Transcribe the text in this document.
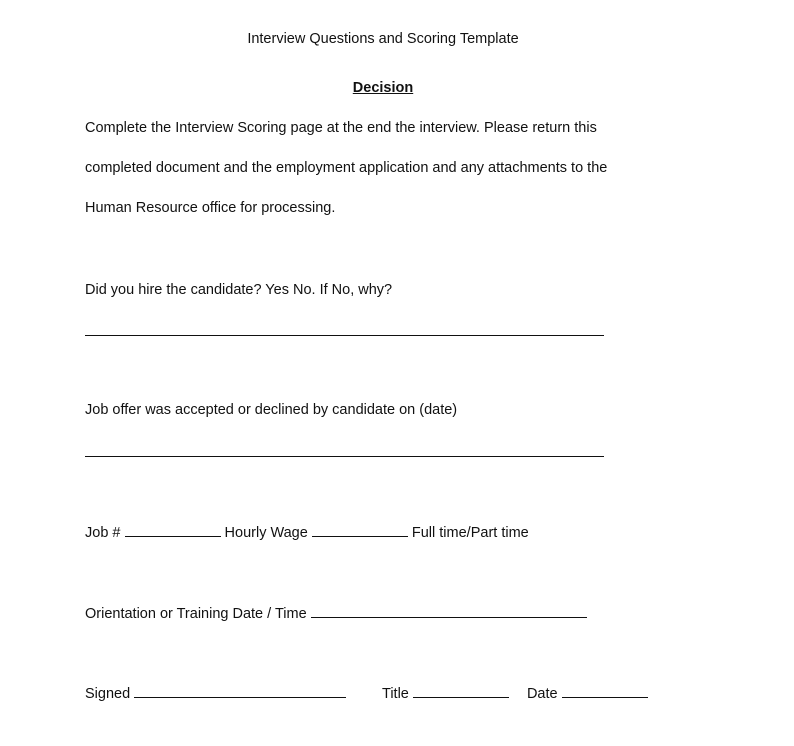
Interview Questions and Scoring Template
Decision
Complete the Interview Scoring page at the end the interview. Please return this
completed document and the employment application and any attachments to the
Human Resource office for processing.
Did you hire the candidate? Yes No. If No, why?
Job offer was accepted or declined by candidate on (date)
Job #	Hourly Wage	Full time/Part time
Orientation or Training Date / Time
Signed	Title	Date
